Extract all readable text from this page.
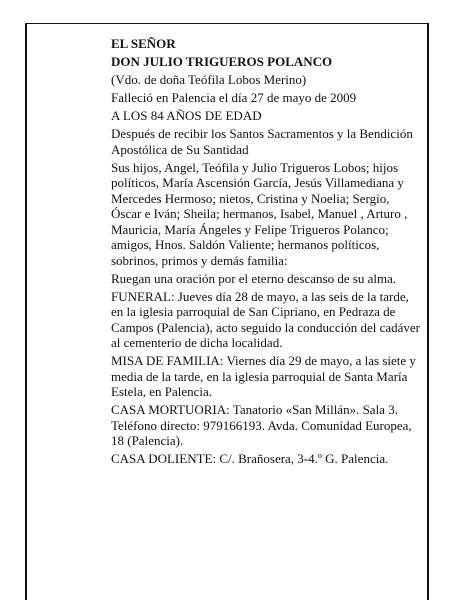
EL SEÑOR

DON JULIO TRIGUEROS POLANCO

(Vdo. de doña Teófila Lobos Merino)

Falleció en Palencia el día 27 de mayo de 2009

A LOS 84 AÑOS DE EDAD

Después de recibir los Santos Sacramentos y la Bendición Apostólica de Su Santidad

Sus hijos, Angel, Teófila y Julio Trigueros Lobos; hijos políticos, María Ascensión García, Jesús Villamediana y Mercedes Hermoso; nietos, Cristina y Noelia; Sergio, Óscar e Iván; Sheila; hermanos, Isabel, Manuel , Arturo , Mauricia, María Ángeles y Felipe Trigueros Polanco; amigos, Hnos. Saldón Valiente; hermanos políticos, sobrinos, primos y demás familia:

Ruegan una oración por el eterno descanso de su alma.

FUNERAL: Jueves día 28 de mayo, a las seis de la tarde, en la iglesia parroquial de San Cipriano, en Pedraza de Campos (Palencia), acto seguido la conducción del cadáver al cementerio de dicha localidad.

MISA DE FAMILIA: Viernes día 29 de mayo, a las siete y media de la tarde, en la iglesia parroquial de Santa María Estela, en Palencia.

CASA MORTUORIA: Tanatorio «San Millán». Sala 3. Teléfono directo: 979166193. Avda. Comunidad Europea, 18 (Palencia).

CASA DOLIENTE: C/. Brañosera, 3-4.º G. Palencia.
